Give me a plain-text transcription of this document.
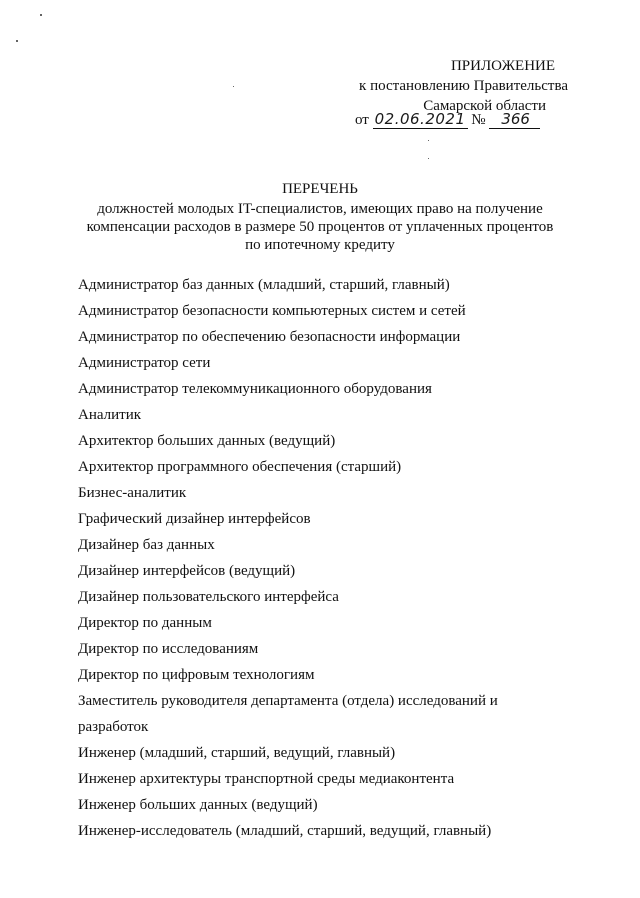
ПРИЛОЖЕНИЕ
к постановлению Правительства
Самарской области
от 02.06.2021 № 366
ПЕРЕЧЕНЬ
должностей молодых IT-специалистов, имеющих право на получение
компенсации расходов в размере 50 процентов от уплаченных процентов
по ипотечному кредиту
Администратор баз данных (младший, старший, главный)
Администратор безопасности компьютерных систем и сетей
Администратор по обеспечению безопасности информации
Администратор сети
Администратор телекоммуникационного оборудования
Аналитик
Архитектор больших данных (ведущий)
Архитектор программного обеспечения (старший)
Бизнес-аналитик
Графический дизайнер интерфейсов
Дизайнер баз данных
Дизайнер интерфейсов (ведущий)
Дизайнер пользовательского интерфейса
Директор по данным
Директор по исследованиям
Директор по цифровым технологиям
Заместитель руководителя департамента (отдела) исследований и
разработок
Инженер (младший, старший, ведущий, главный)
Инженер архитектуры транспортной среды медиаконтента
Инженер больших данных (ведущий)
Инженер-исследователь (младший, старший, ведущий, главный)
